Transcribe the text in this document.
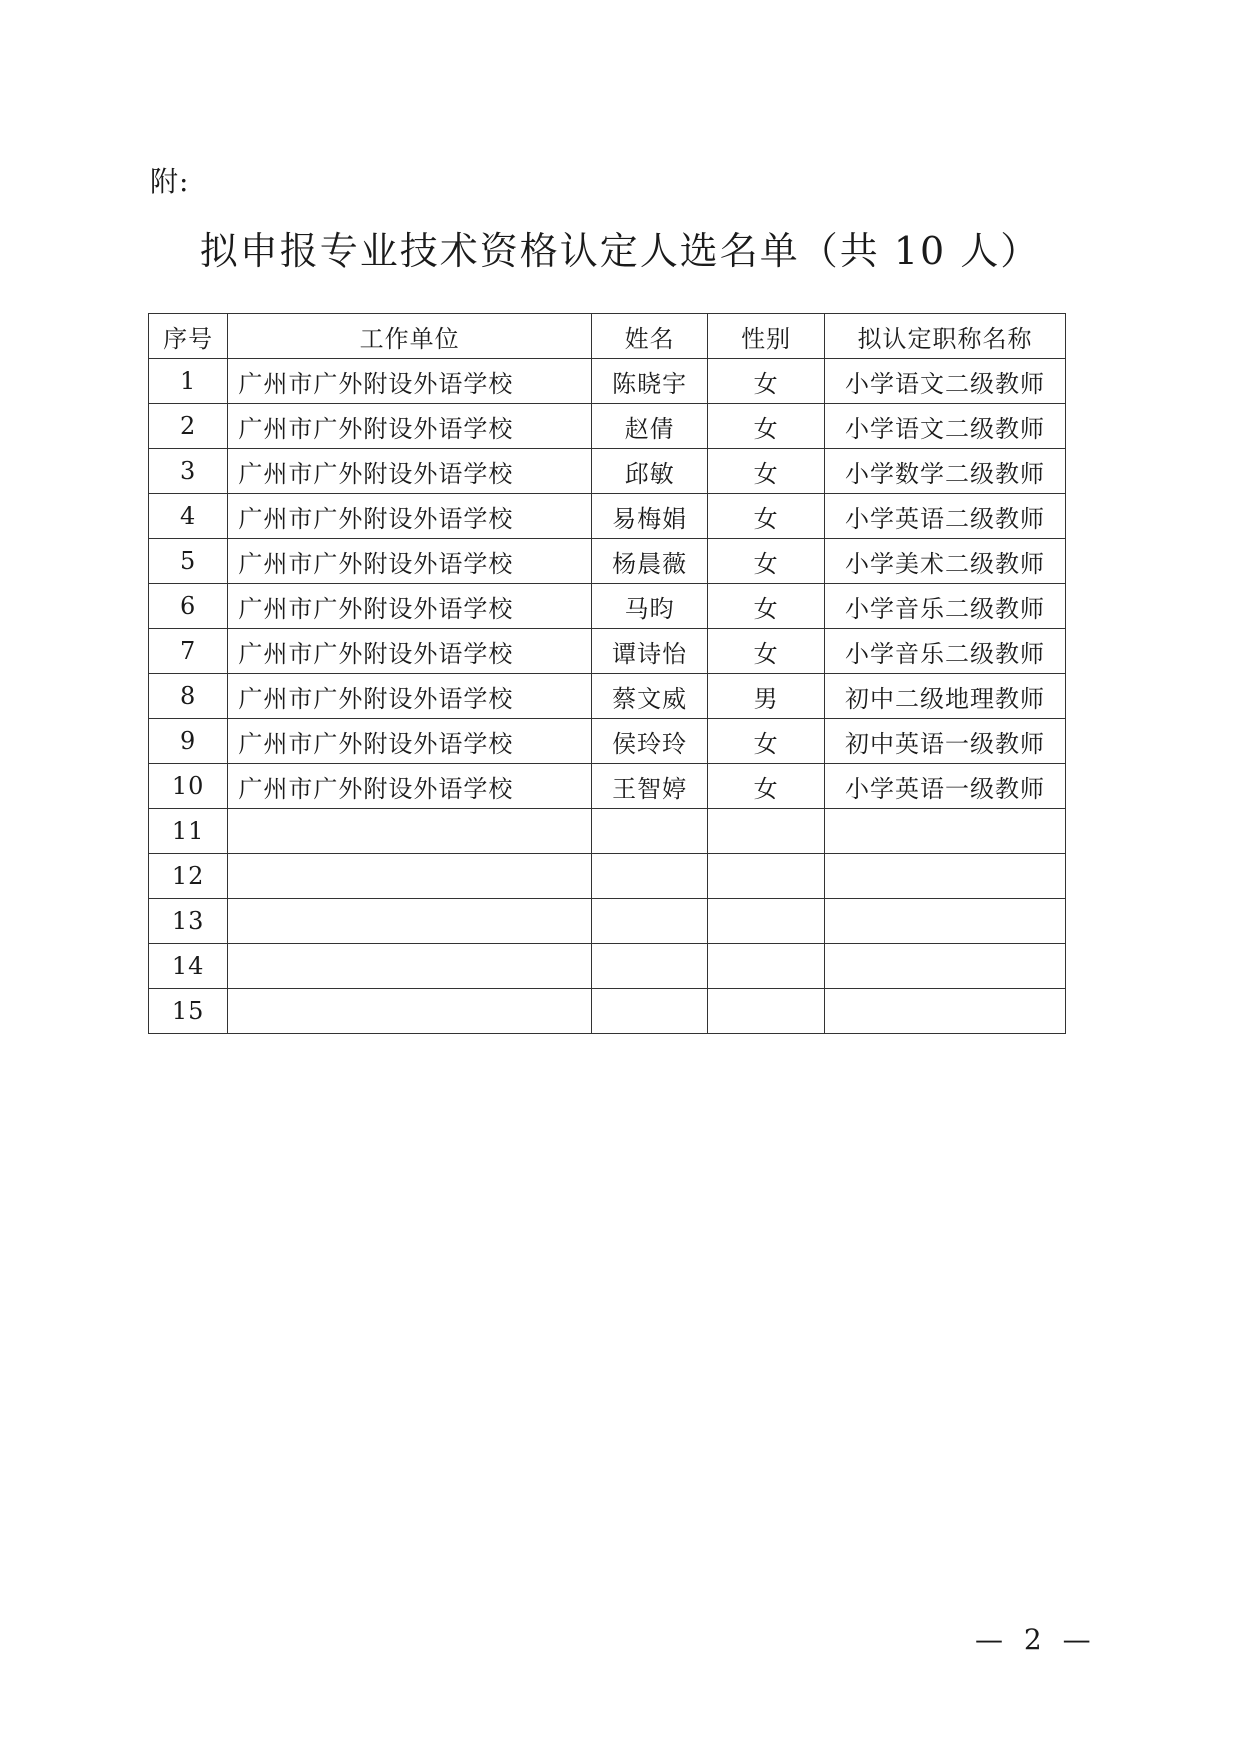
附:
拟申报专业技术资格认定人选名单（共 10 人）
序号	工作单位	姓名	性别	拟认定职称名称
1	广州市广外附设外语学校	陈晓宇	女	小学语文二级教师
2	广州市广外附设外语学校	赵倩	女	小学语文二级教师
3	广州市广外附设外语学校	邱敏	女	小学数学二级教师
4	广州市广外附设外语学校	易梅娟	女	小学英语二级教师
5	广州市广外附设外语学校	杨晨薇	女	小学美术二级教师
6	广州市广外附设外语学校	马昀	女	小学音乐二级教师
7	广州市广外附设外语学校	谭诗怡	女	小学音乐二级教师
8	广州市广外附设外语学校	蔡文威	男	初中二级地理教师
9	广州市广外附设外语学校	侯玲玲	女	初中英语一级教师
10	广州市广外附设外语学校	王智婷	女	小学英语一级教师
11				
12				
13				
14				
15				
— 2 —
